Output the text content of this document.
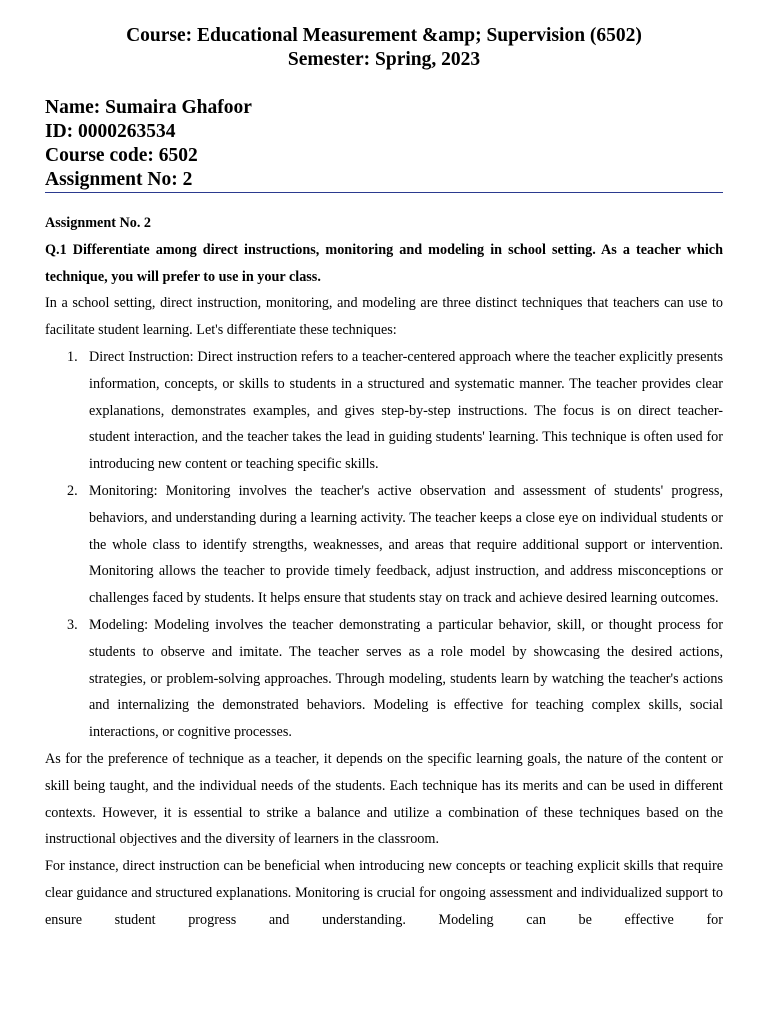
Course: Educational Measurement &amp; Supervision (6502)
Semester: Spring, 2023
Name: Sumaira Ghafoor
ID: 0000263534
Course code: 6502
Assignment No: 2

Assignment No. 2

Q.1 Differentiate among direct instructions, monitoring and modeling in school setting. As a teacher which technique, you will prefer to use in your class.

In a school setting, direct instruction, monitoring, and modeling are three distinct techniques that teachers can use to facilitate student learning. Let's differentiate these techniques:

1. Direct Instruction: Direct instruction refers to a teacher-centered approach where the teacher explicitly presents information, concepts, or skills to students in a structured and systematic manner. The teacher provides clear explanations, demonstrates examples, and gives step-by-step instructions. The focus is on direct teacher-student interaction, and the teacher takes the lead in guiding students' learning. This technique is often used for introducing new content or teaching specific skills.
2. Monitoring: Monitoring involves the teacher's active observation and assessment of students' progress, behaviors, and understanding during a learning activity. The teacher keeps a close eye on individual students or the whole class to identify strengths, weaknesses, and areas that require additional support or intervention. Monitoring allows the teacher to provide timely feedback, adjust instruction, and address misconceptions or challenges faced by students. It helps ensure that students stay on track and achieve desired learning outcomes.
3. Modeling: Modeling involves the teacher demonstrating a particular behavior, skill, or thought process for students to observe and imitate. The teacher serves as a role model by showcasing the desired actions, strategies, or problem-solving approaches. Through modeling, students learn by watching the teacher's actions and internalizing the demonstrated behaviors. Modeling is effective for teaching complex skills, social interactions, or cognitive processes.

As for the preference of technique as a teacher, it depends on the specific learning goals, the nature of the content or skill being taught, and the individual needs of the students. Each technique has its merits and can be used in different contexts. However, it is essential to strike a balance and utilize a combination of these techniques based on the instructional objectives and the diversity of learners in the classroom.

For instance, direct instruction can be beneficial when introducing new concepts or teaching explicit skills that require clear guidance and structured explanations. Monitoring is crucial for ongoing assessment and individualized support to ensure student progress and understanding. Modeling can be effective for
